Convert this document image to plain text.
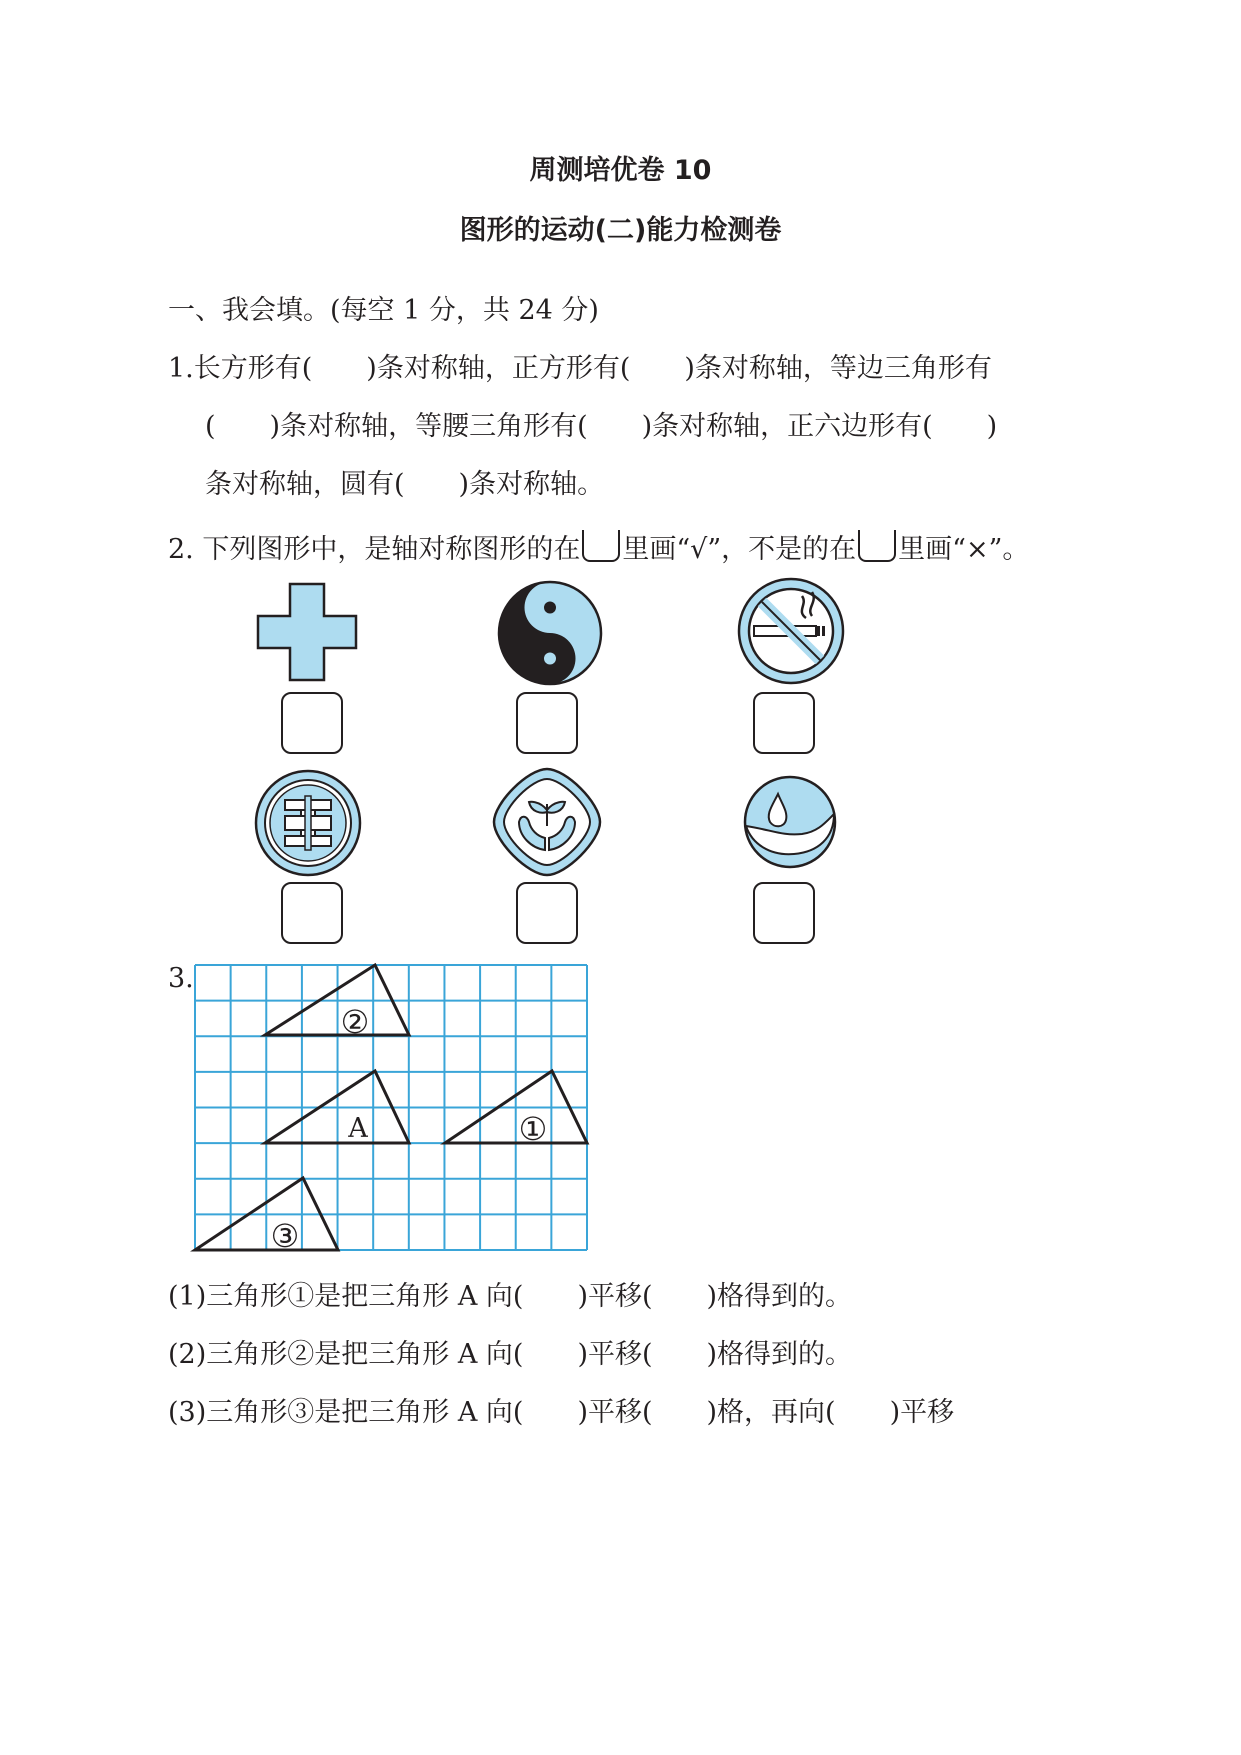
周测培优卷 10
图形的运动(二)能力检测卷
一、我会填。(每空 1 分，共 24 分)
1.长方形有(　　)条对称轴，正方形有(　　)条对称轴，等边三角形有
(　　)条对称轴，等腰三角形有(　　)条对称轴，正六边形有(　　)
条对称轴，圆有(　　)条对称轴。
2. 下列图形中，是轴对称图形的在 里画“√”，不是的在 里画“×”。
3.
②
A	①
③
(1)三角形①是把三角形 A 向(　　)平移(　　)格得到的。
(2)三角形②是把三角形 A 向(　　)平移(　　)格得到的。
(3)三角形③是把三角形 A 向(　　)平移(　　)格，再向(　　)平移
